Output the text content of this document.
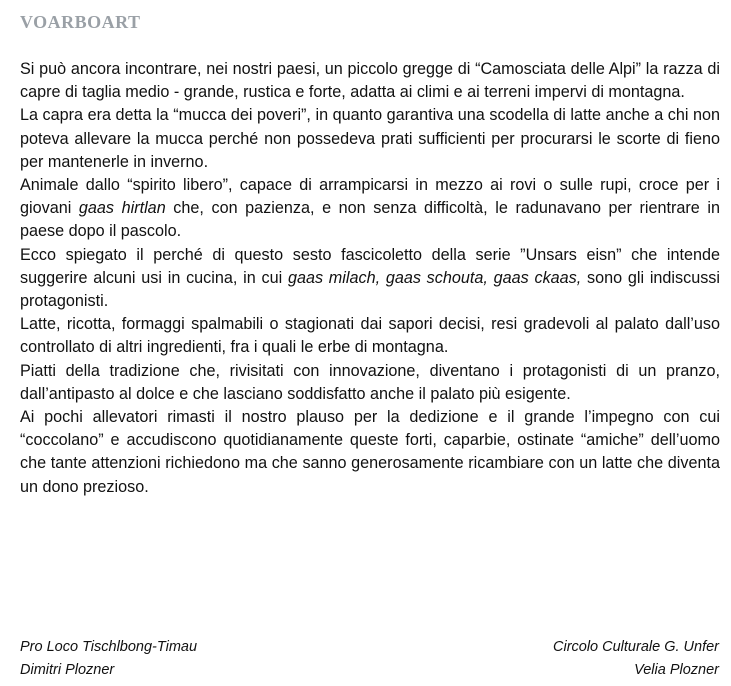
VOARBOART

Si può ancora incontrare, nei nostri paesi, un piccolo gregge di “Camosciata delle Alpi” la razza di capre di taglia medio - grande, rustica e forte, adatta ai climi e ai terreni impervi di montagna.

La capra era detta la “mucca dei poveri”, in quanto garantiva una scodella di latte anche a chi non poteva allevare la mucca perché non possedeva prati sufficienti per procurarsi le scorte di fieno per mantenerle in inverno.

Animale dallo “spirito libero”, capace di arrampicarsi in mezzo ai rovi o sulle rupi, croce per i giovani gaas hirtlan che, con pazienza, e non senza difficoltà, le radunavano per rientrare in paese dopo il pascolo.

Ecco spiegato il perché di questo sesto fascicoletto della serie ”Unsars eisn” che intende suggerire alcuni usi in cucina, in cui gaas milach, gaas schouta, gaas ckaas, sono gli indiscussi protagonisti.

Latte, ricotta, formaggi spalmabili o stagionati dai sapori decisi, resi gradevoli al palato dall’uso controllato di altri ingredienti, fra i quali le erbe di montagna.

Piatti della tradizione che, rivisitati con innovazione, diventano i protagonisti di un pranzo, dall’antipasto al dolce e che lasciano soddisfatto anche il palato più esigente.

Ai pochi allevatori rimasti il nostro plauso per la dedizione e il grande l’impegno con cui “coccolano” e accudiscono quotidianamente queste forti, caparbie, ostinate “amiche” dell’uomo che tante attenzioni richiedono ma che sanno generosamente ricambiare con un latte che diventa un dono prezioso.

Pro Loco Tischlbong-Timau
Dimitri Plozner
Circolo Culturale G. Unfer
Velia Plozner
